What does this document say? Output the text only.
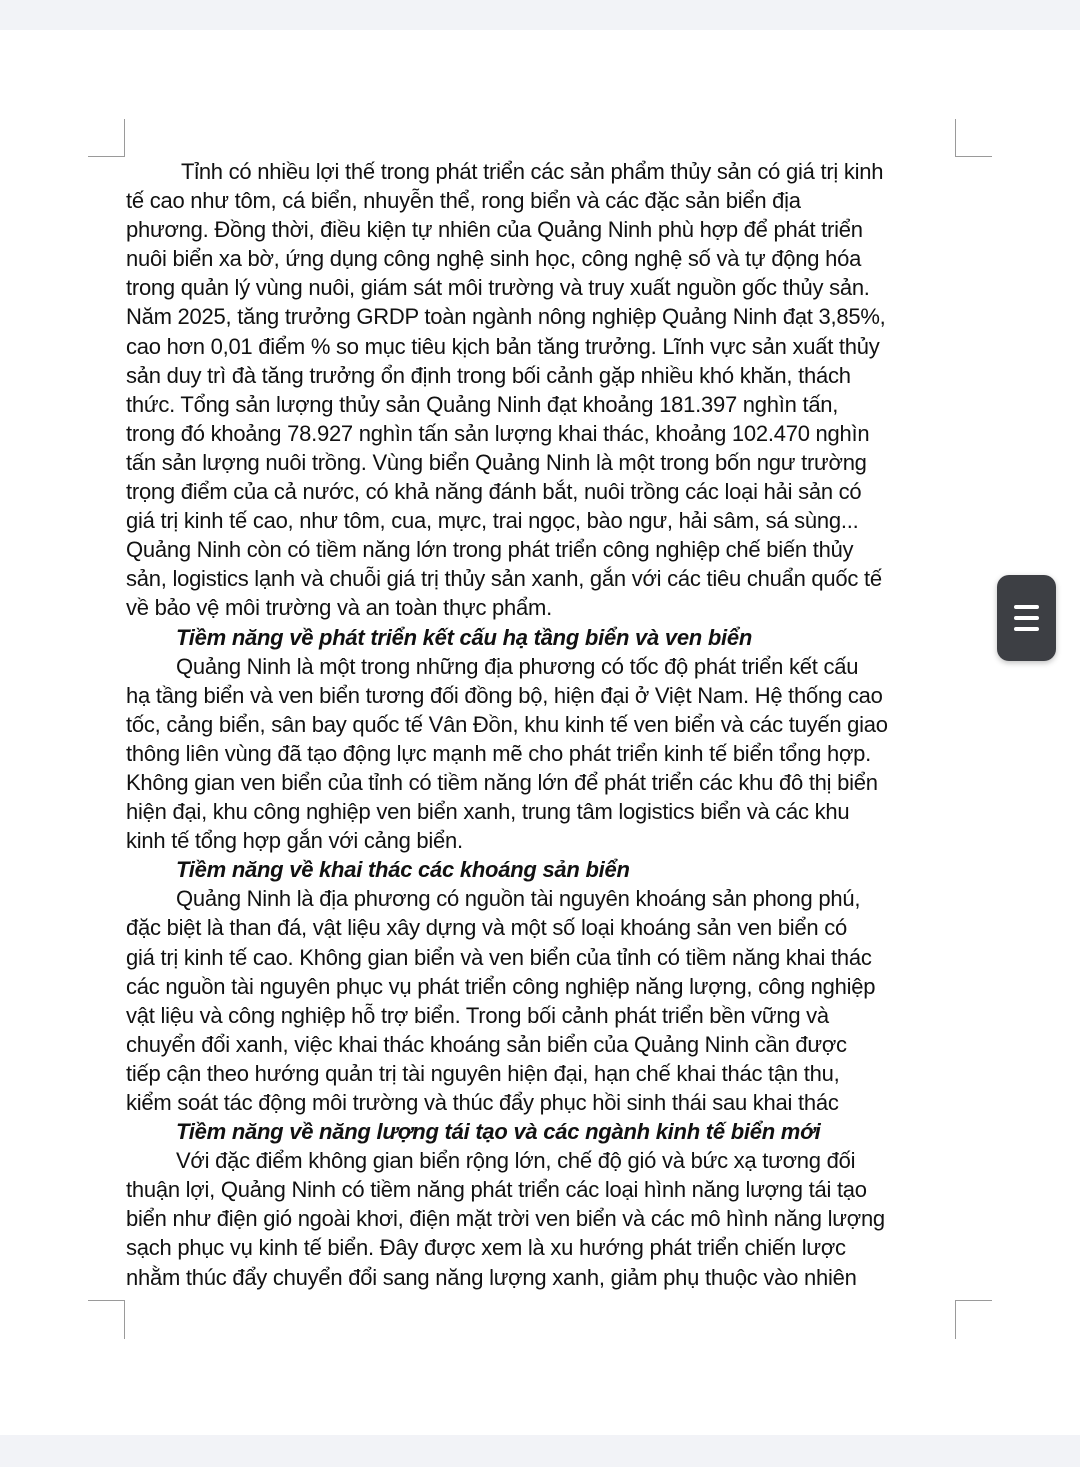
Tỉnh có nhiều lợi thế trong phát triển các sản phẩm thủy sản có giá trị kinh
tế cao như tôm, cá biển, nhuyễn thể, rong biển và các đặc sản biển địa
phương. Đồng thời, điều kiện tự nhiên của Quảng Ninh phù hợp để phát triển
nuôi biển xa bờ, ứng dụng công nghệ sinh học, công nghệ số và tự động hóa
trong quản lý vùng nuôi, giám sát môi trường và truy xuất nguồn gốc thủy sản.
Năm 2025, tăng trưởng GRDP toàn ngành nông nghiệp Quảng Ninh đạt 3,85%,
cao hơn 0,01 điểm % so mục tiêu kịch bản tăng trưởng. Lĩnh vực sản xuất thủy
sản duy trì đà tăng trưởng ổn định trong bối cảnh gặp nhiều khó khăn, thách
thức. Tổng sản lượng thủy sản Quảng Ninh đạt khoảng 181.397 nghìn tấn,
trong đó khoảng 78.927 nghìn tấn sản lượng khai thác, khoảng 102.470 nghìn
tấn sản lượng nuôi trồng. Vùng biển Quảng Ninh là một trong bốn ngư trường
trọng điểm của cả nước, có khả năng đánh bắt, nuôi trồng các loại hải sản có
giá trị kinh tế cao, như tôm, cua, mực, trai ngọc, bào ngư, hải sâm, sá sùng...
Quảng Ninh còn có tiềm năng lớn trong phát triển công nghiệp chế biến thủy
sản, logistics lạnh và chuỗi giá trị thủy sản xanh, gắn với các tiêu chuẩn quốc tế
về bảo vệ môi trường và an toàn thực phẩm.
Tiềm năng về phát triển kết cấu hạ tầng biển và ven biển
Quảng Ninh là một trong những địa phương có tốc độ phát triển kết cấu
hạ tầng biển và ven biển tương đối đồng bộ, hiện đại ở Việt Nam. Hệ thống cao
tốc, cảng biển, sân bay quốc tế Vân Đồn, khu kinh tế ven biển và các tuyến giao
thông liên vùng đã tạo động lực mạnh mẽ cho phát triển kinh tế biển tổng hợp.
Không gian ven biển của tỉnh có tiềm năng lớn để phát triển các khu đô thị biển
hiện đại, khu công nghiệp ven biển xanh, trung tâm logistics biển và các khu
kinh tế tổng hợp gắn với cảng biển.
Tiềm năng về khai thác các khoáng sản biển
Quảng Ninh là địa phương có nguồn tài nguyên khoáng sản phong phú,
đặc biệt là than đá, vật liệu xây dựng và một số loại khoáng sản ven biển có
giá trị kinh tế cao. Không gian biển và ven biển của tỉnh có tiềm năng khai thác
các nguồn tài nguyên phục vụ phát triển công nghiệp năng lượng, công nghiệp
vật liệu và công nghiệp hỗ trợ biển. Trong bối cảnh phát triển bền vững và
chuyển đổi xanh, việc khai thác khoáng sản biển của Quảng Ninh cần được
tiếp cận theo hướng quản trị tài nguyên hiện đại, hạn chế khai thác tận thu,
kiểm soát tác động môi trường và thúc đẩy phục hồi sinh thái sau khai thác
Tiềm năng về năng lượng tái tạo và các ngành kinh tế biển mới
Với đặc điểm không gian biển rộng lớn, chế độ gió và bức xạ tương đối
thuận lợi, Quảng Ninh có tiềm năng phát triển các loại hình năng lượng tái tạo
biển như điện gió ngoài khơi, điện mặt trời ven biển và các mô hình năng lượng
sạch phục vụ kinh tế biển. Đây được xem là xu hướng phát triển chiến lược
nhằm thúc đẩy chuyển đổi sang năng lượng xanh, giảm phụ thuộc vào nhiên
